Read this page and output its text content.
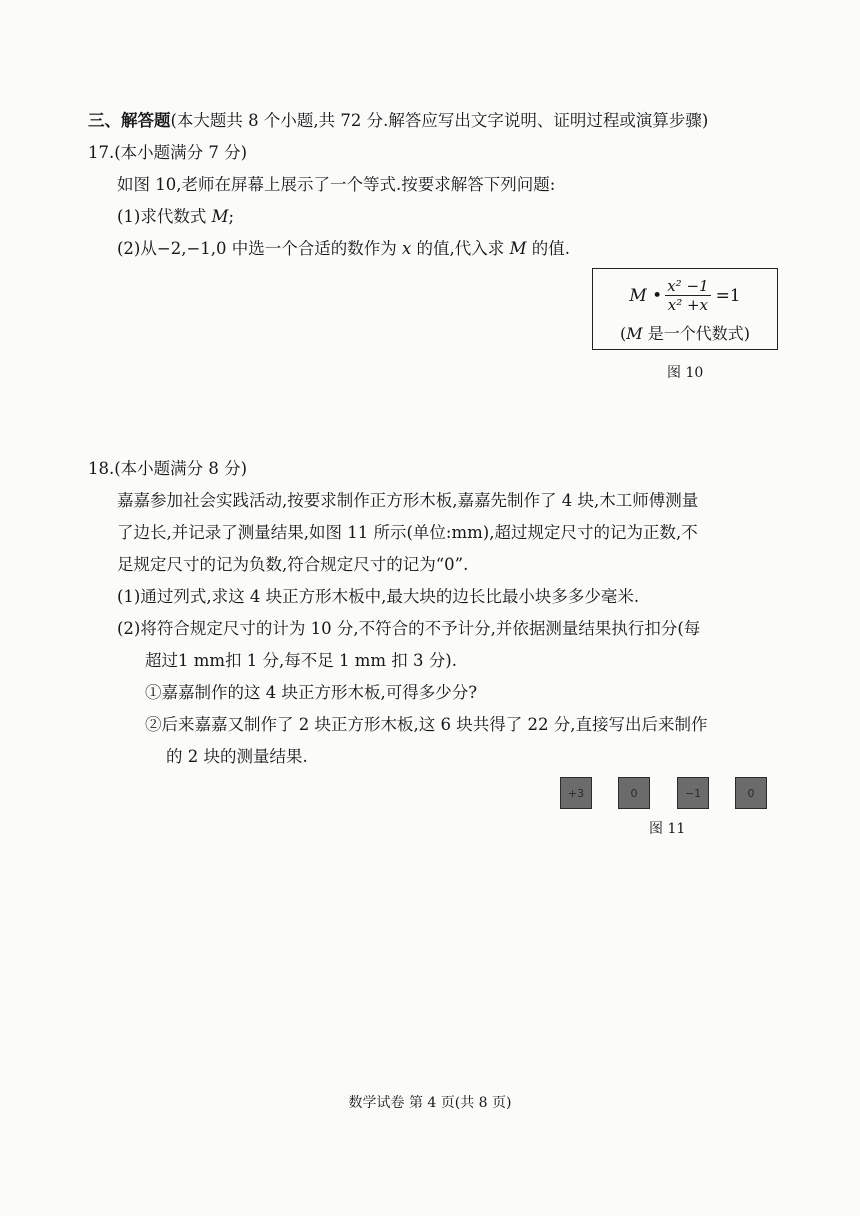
三、解答题(本大题共 8 个小题,共 72 分.解答应写出文字说明、证明过程或演算步骤)
17.(本小题满分 7 分)
如图 10,老师在屏幕上展示了一个等式.按要求解答下列问题:
(1)求代数式 M;
(2)从−2,−1,0 中选一个合适的数作为 x 的值,代入求 M 的值.
M • $\frac{\text{x² −1}}{\text{x² +x}} =1$
(M 是一个代数式)
图 10
18.(本小题满分 8 分)
嘉嘉参加社会实践活动,按要求制作正方形木板,嘉嘉先制作了 4 块,木工师傅测量
了边长,并记录了测量结果,如图 11 所示(单位:mm),超过规定尺寸的记为正数,不
足规定尺寸的记为负数,符合规定尺寸的记为“0”.
(1)通过列式,求这 4 块正方形木板中,最大块的边长比最小块多多少毫米.
(2)将符合规定尺寸的计为 10 分,不符合的不予计分,并依据测量结果执行扣分(每
超过1 mm扣 1 分,每不足 1 mm 扣 3 分).
①嘉嘉制作的这 4 块正方形木板,可得多少分?
②后来嘉嘉又制作了 2 块正方形木板,这 6 块共得了 22 分,直接写出后来制作
的 2 块的测量结果.
+3	0	−1	0
图 11
数学试卷 第 4 页(共 8 页)
